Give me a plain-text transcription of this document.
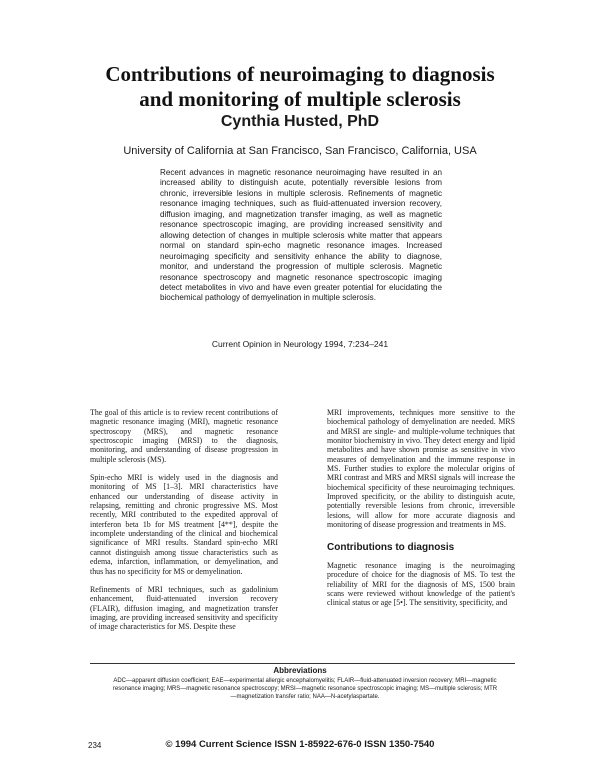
Contributions of neuroimaging to diagnosis
and monitoring of multiple sclerosis

Cynthia Husted, PhD

University of California at San Francisco, San Francisco, California, USA

Recent advances in magnetic resonance neuroimaging have resulted in an increased ability to distinguish acute, potentially reversible lesions from chronic, irreversible lesions in multiple sclerosis. Refinements of magnetic resonance imaging techniques, such as fluid-attenuated inversion recovery, diffusion imaging, and magnetization transfer imaging, as well as magnetic resonance spectroscopic imaging, are providing increased sensitivity and allowing detection of changes in multiple sclerosis white matter that appears normal on standard spin-echo magnetic resonance images. Increased neuroimaging specificity and sensitivity enhance the ability to diagnose, monitor, and understand the progression of multiple sclerosis. Magnetic resonance spectroscopy and magnetic resonance spectroscopic imaging detect metabolites in vivo and have even greater potential for elucidating the biochemical pathology of demyelination in multiple sclerosis.

Current Opinion in Neurology 1994, 7:234–241

The goal of this article is to review recent contributions of magnetic resonance imaging (MRI), magnetic resonance spectroscopy (MRS), and magnetic resonance spectroscopic imaging (MRSI) to the diagnosis, monitoring, and understanding of disease progression in multiple sclerosis (MS).

Spin-echo MRI is widely used in the diagnosis and monitoring of MS [1–3]. MRI characteristics have enhanced our understanding of disease activity in relapsing, remitting and chronic progressive MS. Most recently, MRI contributed to the expedited approval of interferon beta 1b for MS treatment [4**], despite the incomplete understanding of the clinical and biochemical significance of MRI results. Standard spin-echo MRI cannot distinguish among tissue characteristics such as edema, infarction, inflammation, or demyelination, and thus has no specificity for MS or demyelination.

Refinements of MRI techniques, such as gadolinium enhancement, fluid-attenuated inversion recovery (FLAIR), diffusion imaging, and magnetization transfer imaging, are providing increased sensitivity and specificity of image characteristics for MS. Despite these

MRI improvements, techniques more sensitive to the biochemical pathology of demyelination are needed. MRS and MRSI are single- and multiple-volume techniques that monitor biochemistry in vivo. They detect energy and lipid metabolites and have shown promise as sensitive in vivo measures of demyelination and the immune response in MS. Further studies to explore the molecular origins of MRI contrast and MRS and MRSI signals will increase the biochemical specificity of these neuroimaging techniques. Improved specificity, or the ability to distinguish acute, potentially reversible lesions from chronic, irreversible lesions, will allow for more accurate diagnosis and monitoring of disease progression and treatments in MS.

Contributions to diagnosis

Magnetic resonance imaging is the neuroimaging procedure of choice for the diagnosis of MS. To test the reliability of MRI for the diagnosis of MS, 1500 brain scans were reviewed without knowledge of the patient's clinical status or age [5•]. The sensitivity, specificity, and

Abbreviations

ADC—apparent diffusion coefficient; EAE—experimental allergic encephalomyelitis; FLAIR—fluid-attenuated inversion recovery; MRI—magnetic resonance imaging; MRS—magnetic resonance spectroscopy; MRSI—magnetic resonance spectroscopic imaging; MS—multiple sclerosis; MTR—magnetization transfer ratio; NAA—N-acetylaspartate.

234	© 1994 Current Science ISSN 1-85922-676-0 ISSN 1350-7540
